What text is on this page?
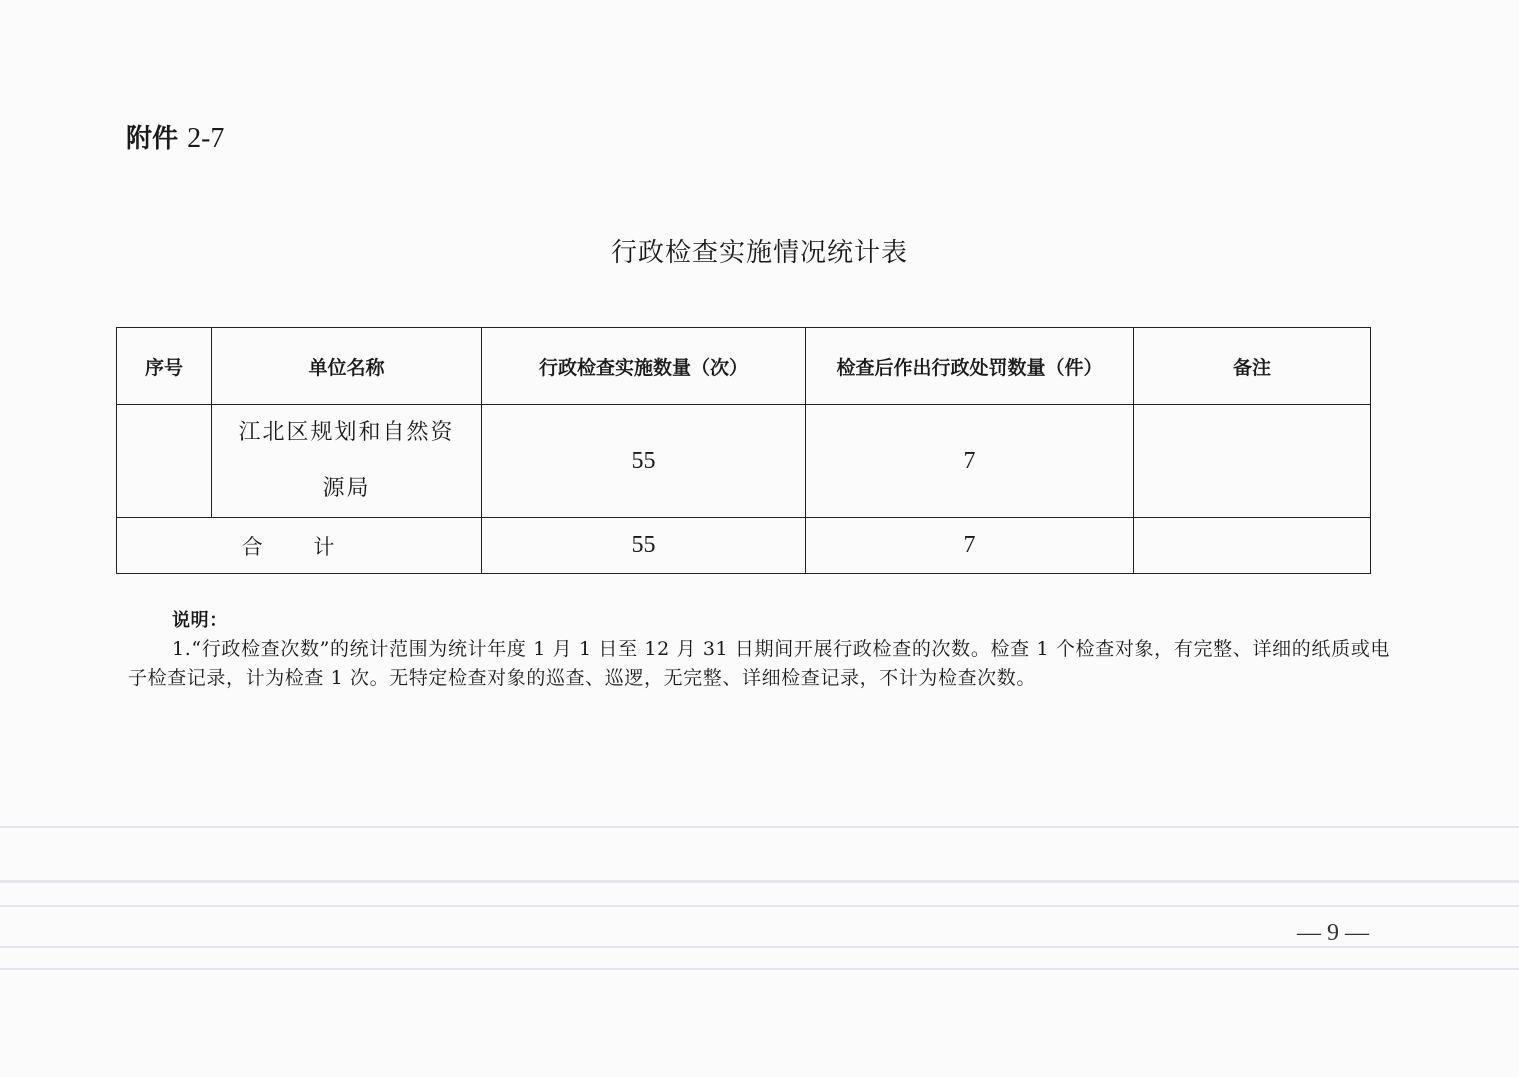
附件 2-7
行政检查实施情况统计表
序号	单位名称	行政检查实施数量（次）	检查后作出行政处罚数量（件）	备注

	江北区规划和自然资源局	55	7	
合 计		55	7	
说明：
1.“行政检查次数”的统计范围为统计年度 1 月 1 日至 12 月 31 日期间开展行政检查的次数。检查 1 个检查对象，有完整、详细的纸质或电子检查记录，计为检查 1 次。无特定检查对象的巡查、巡逻，无完整、详细检查记录，不计为检查次数。
— 9 —
